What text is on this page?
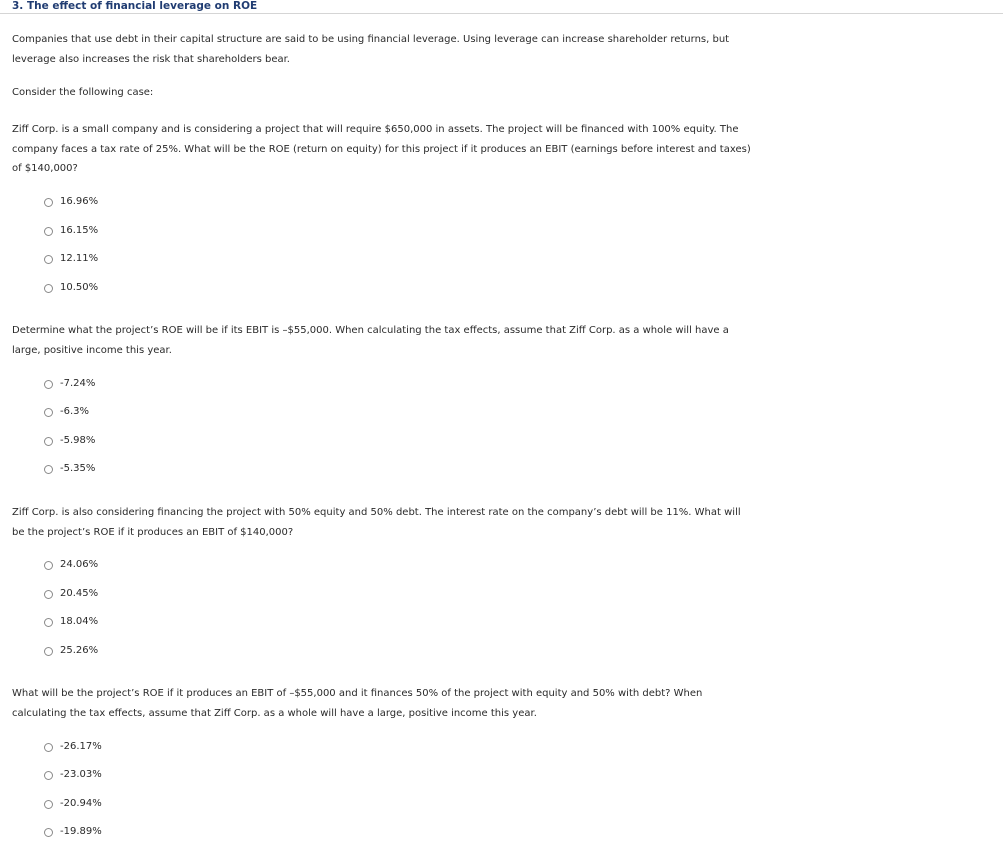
3. The effect of financial leverage on ROE

Companies that use debt in their capital structure are said to be using financial leverage. Using leverage can increase shareholder returns, but leverage also increases the risk that shareholders bear.

Consider the following case:

Ziff Corp. is a small company and is considering a project that will require $650,000 in assets. The project will be financed with 100% equity. The company faces a tax rate of 25%. What will be the ROE (return on equity) for this project if it produces an EBIT (earnings before interest and taxes) of $140,000?

16.96%
16.15%
12.11%
10.50%

Determine what the project’s ROE will be if its EBIT is –$55,000. When calculating the tax effects, assume that Ziff Corp. as a whole will have a large, positive income this year.

-7.24%
-6.3%
-5.98%
-5.35%

Ziff Corp. is also considering financing the project with 50% equity and 50% debt. The interest rate on the company’s debt will be 11%. What will be the project’s ROE if it produces an EBIT of $140,000?

24.06%
20.45%
18.04%
25.26%

What will be the project’s ROE if it produces an EBIT of –$55,000 and it finances 50% of the project with equity and 50% with debt? When calculating the tax effects, assume that Ziff Corp. as a whole will have a large, positive income this year.

-26.17%
-23.03%
-20.94%
-19.89%
